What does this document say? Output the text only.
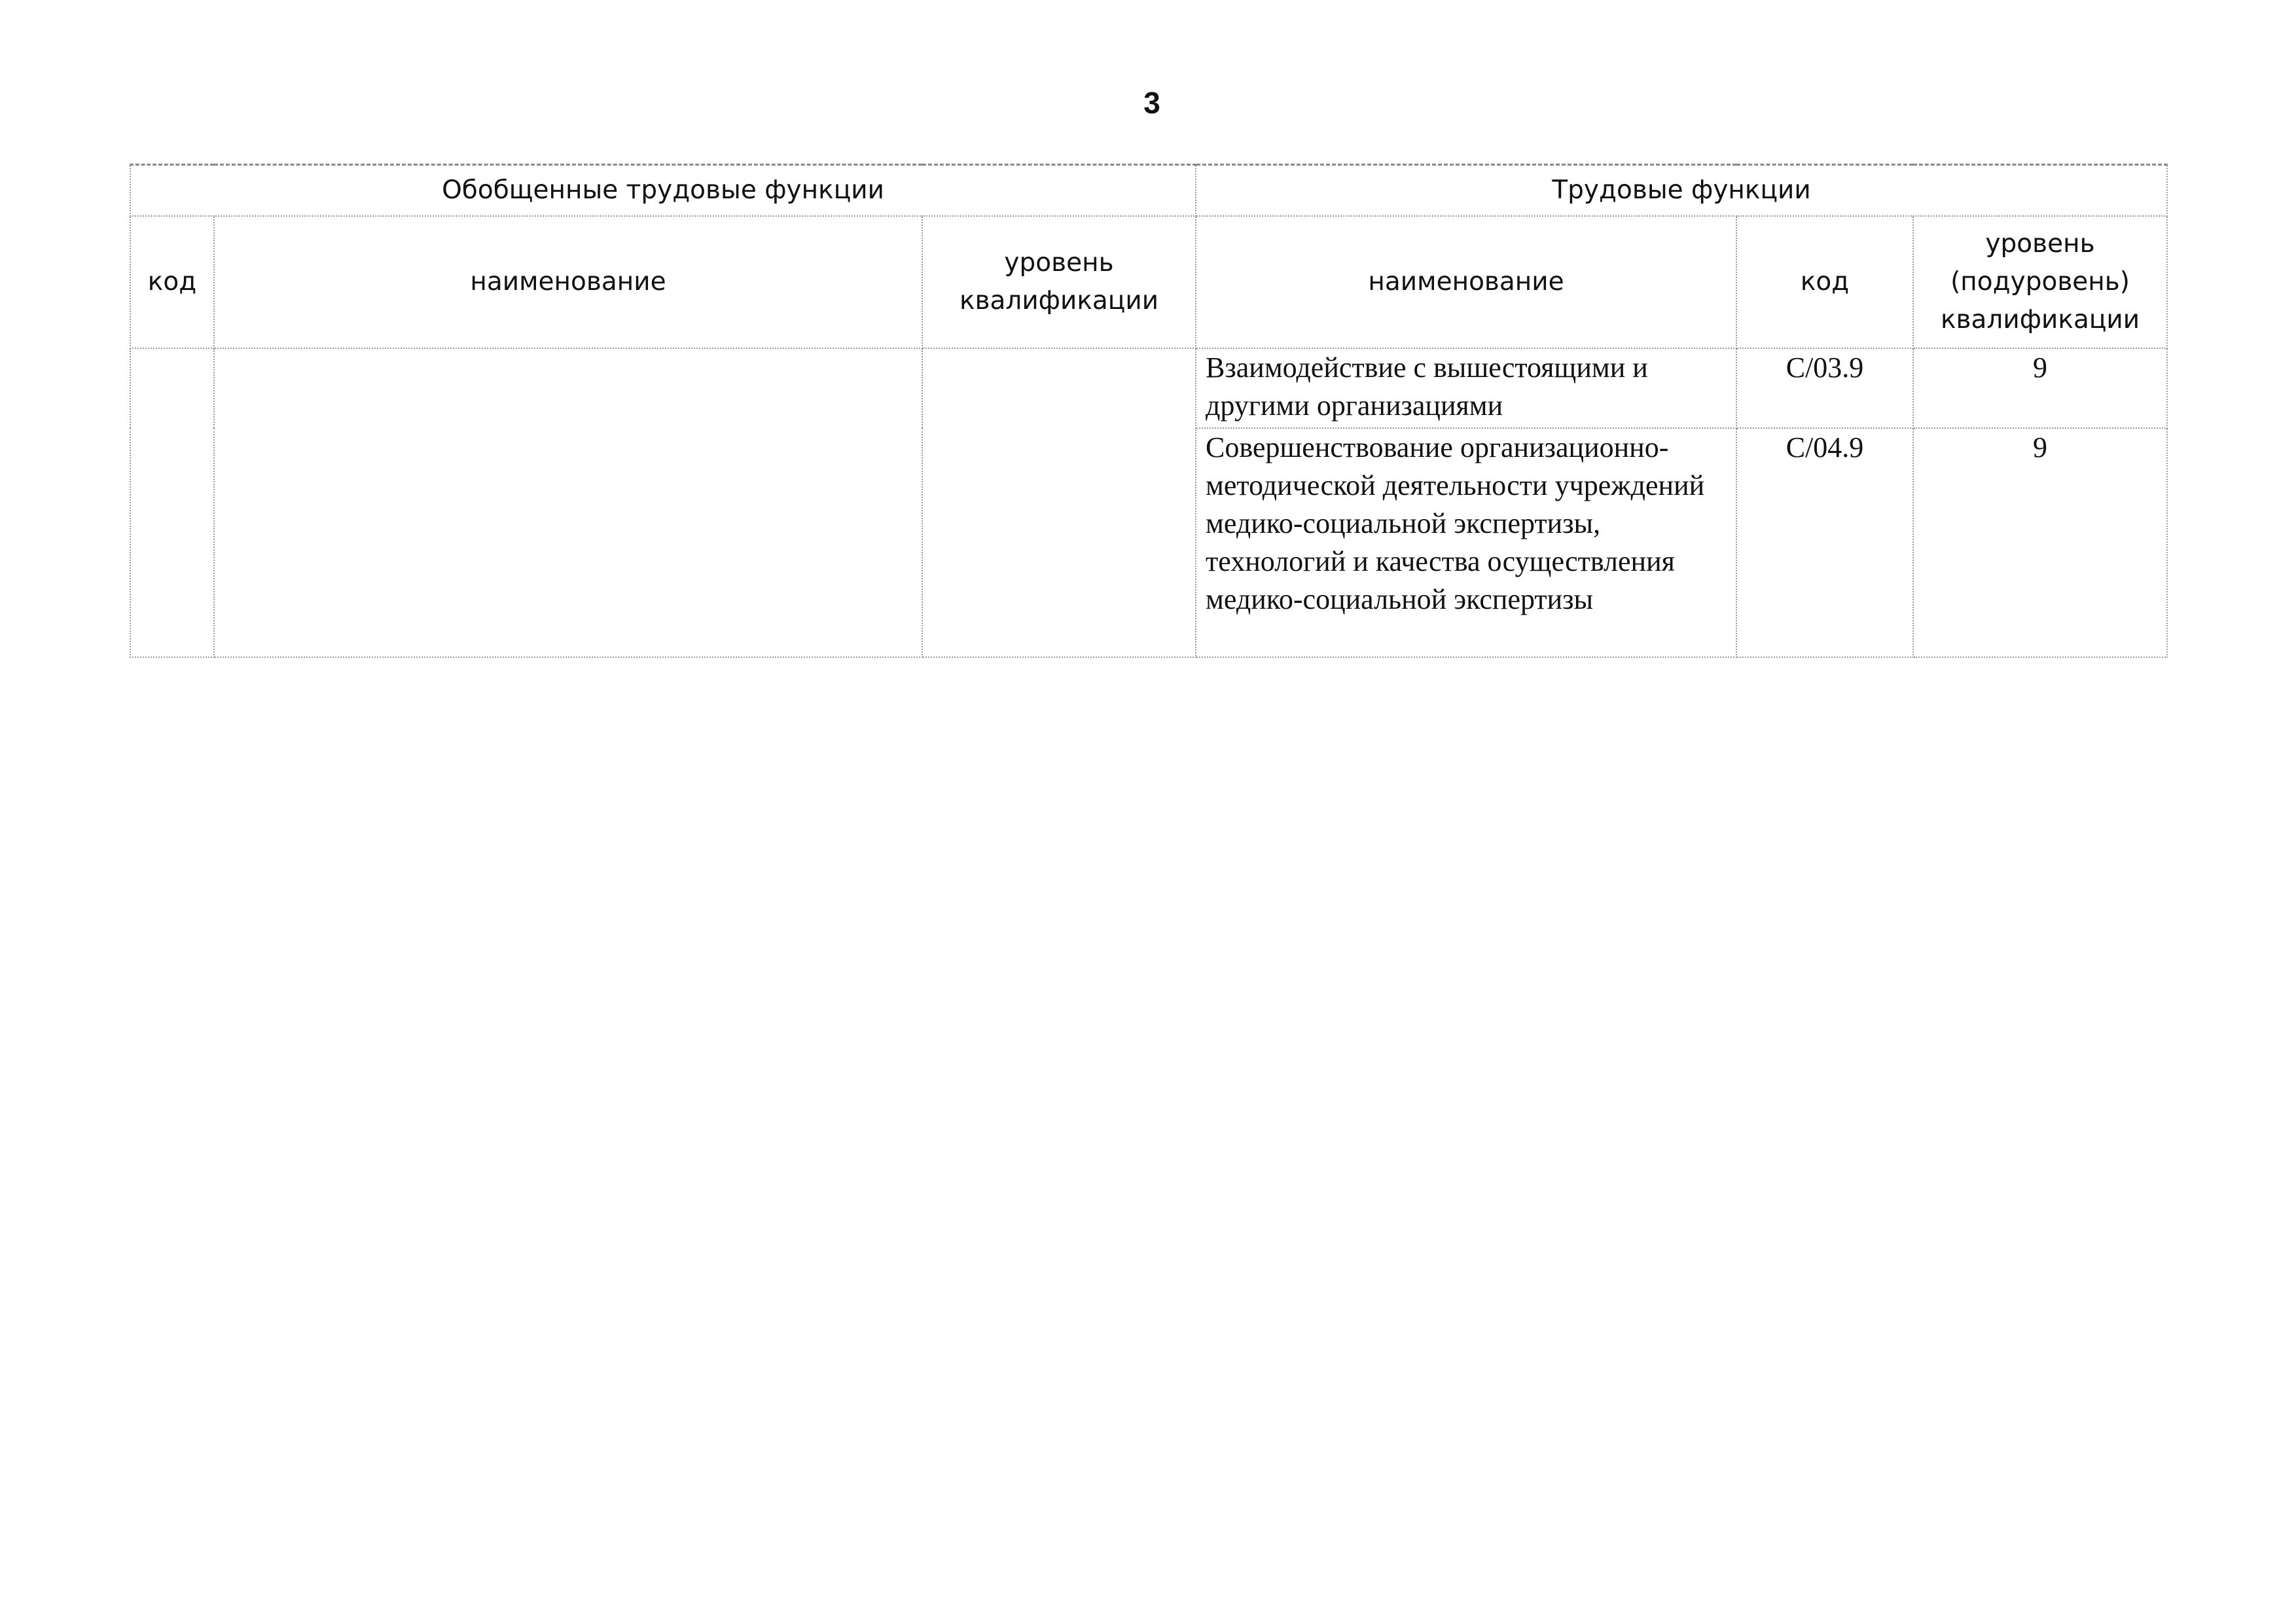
3
Обобщенные трудовые функции			Трудовые функции		
код	наименование	уровень квалификации	наименование	код	уровень (подуровень) квалификации
			Взаимодействие с вышестоящими и другими организациями	С/03.9	9
			Совершенствование организационно-методической деятельности учреждений медико-социальной экспертизы, технологий и качества осуществления медико-социальной экспертизы	С/04.9	9
